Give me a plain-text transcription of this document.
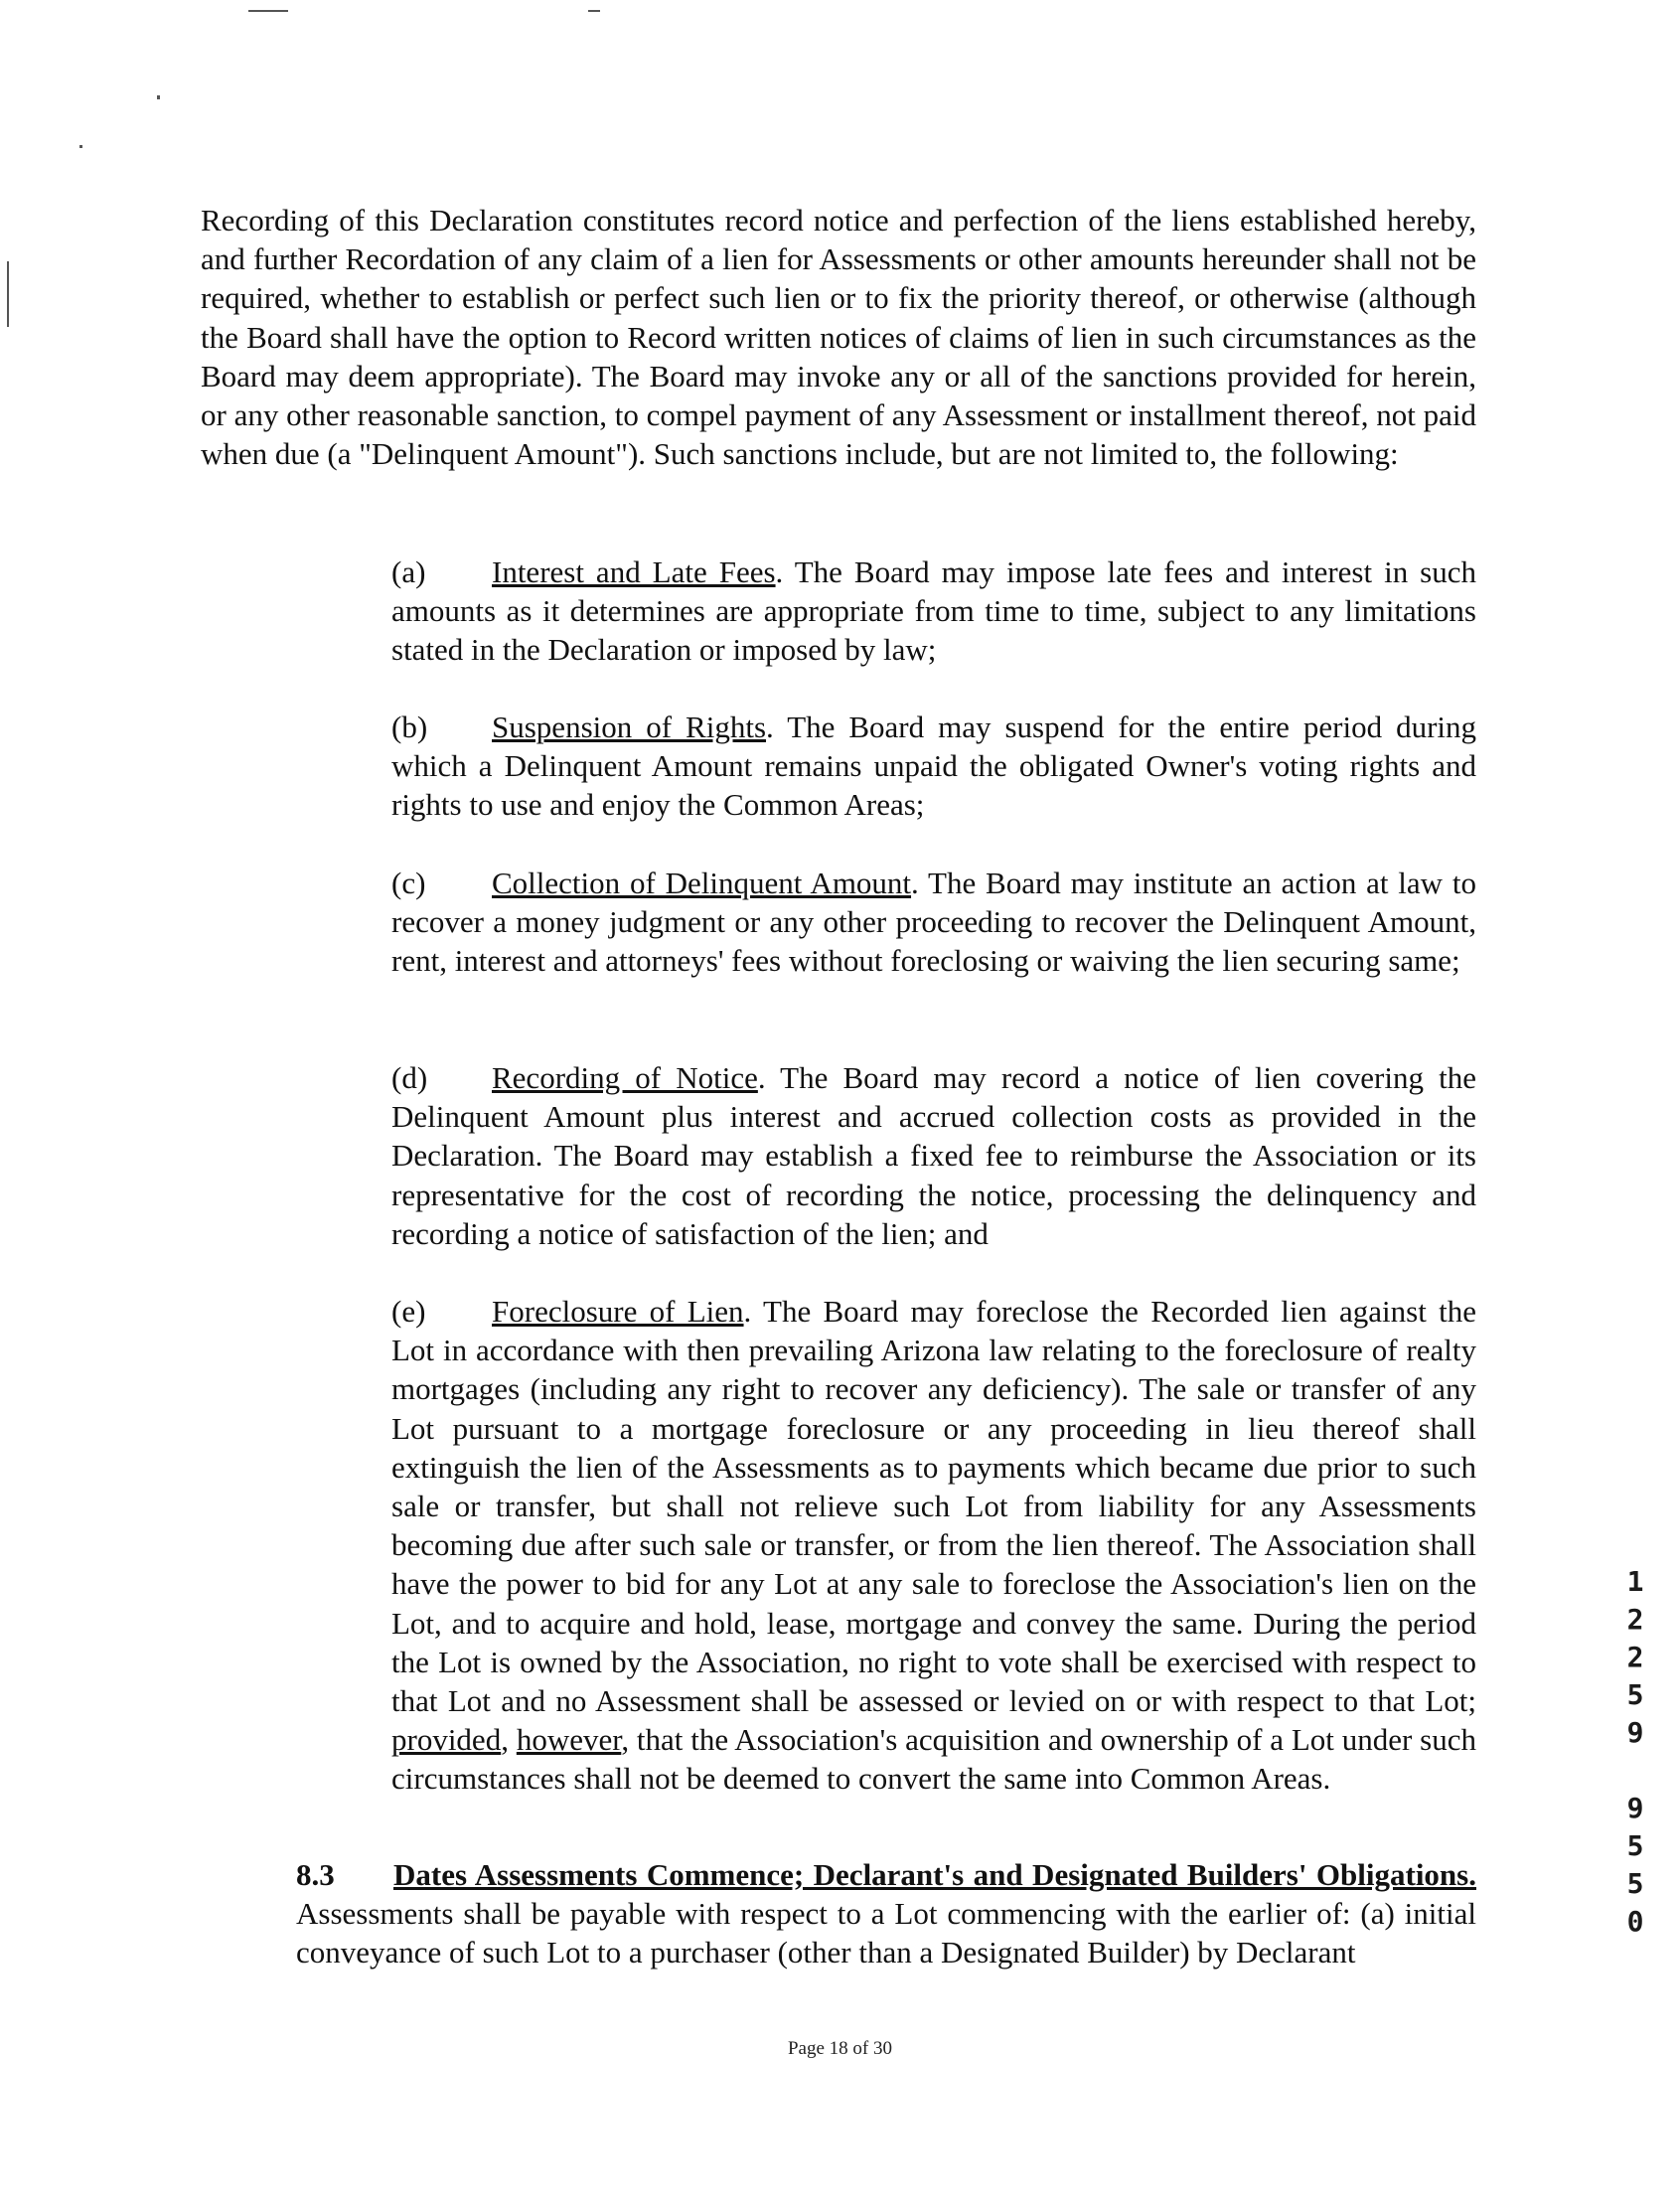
Recording of this Declaration constitutes record notice and perfection of the liens established hereby, and further Recordation of any claim of a lien for Assessments or other amounts hereunder shall not be required, whether to establish or perfect such lien or to fix the priority thereof, or otherwise (although the Board shall have the option to Record written notices of claims of lien in such circumstances as the Board may deem appropriate). The Board may invoke any or all of the sanctions provided for herein, or any other reasonable sanction, to compel payment of any Assessment or installment thereof, not paid when due (a "Delinquent Amount"). Such sanctions include, but are not limited to, the following:

(a) Interest and Late Fees. The Board may impose late fees and interest in such amounts as it determines are appropriate from time to time, subject to any limitations stated in the Declaration or imposed by law;

(b) Suspension of Rights. The Board may suspend for the entire period during which a Delinquent Amount remains unpaid the obligated Owner's voting rights and rights to use and enjoy the Common Areas;

(c) Collection of Delinquent Amount. The Board may institute an action at law to recover a money judgment or any other proceeding to recover the Delinquent Amount, rent, interest and attorneys' fees without foreclosing or waiving the lien securing same;

(d) Recording of Notice. The Board may record a notice of lien covering the Delinquent Amount plus interest and accrued collection costs as provided in the Declaration. The Board may establish a fixed fee to reimburse the Association or its representative for the cost of recording the notice, processing the delinquency and recording a notice of satisfaction of the lien; and

(e) Foreclosure of Lien. The Board may foreclose the Recorded lien against the Lot in accordance with then prevailing Arizona law relating to the foreclosure of realty mortgages (including any right to recover any deficiency). The sale or transfer of any Lot pursuant to a mortgage foreclosure or any proceeding in lieu thereof shall extinguish the lien of the Assessments as to payments which became due prior to such sale or transfer, but shall not relieve such Lot from liability for any Assessments becoming due after such sale or transfer, or from the lien thereof. The Association shall have the power to bid for any Lot at any sale to foreclose the Association's lien on the Lot, and to acquire and hold, lease, mortgage and convey the same. During the period the Lot is owned by the Association, no right to vote shall be exercised with respect to that Lot and no Assessment shall be assessed or levied on or with respect to that Lot; provided, however, that the Association's acquisition and ownership of a Lot under such circumstances shall not be deemed to convert the same into Common Areas.

8.3 Dates Assessments Commence; Declarant's and Designated Builders' Obligations. Assessments shall be payable with respect to a Lot commencing with the earlier of: (a) initial conveyance of such Lot to a purchaser (other than a Designated Builder) by Declarant

Page 18 of 30
1
2
2
5
9
9
5
5
0
